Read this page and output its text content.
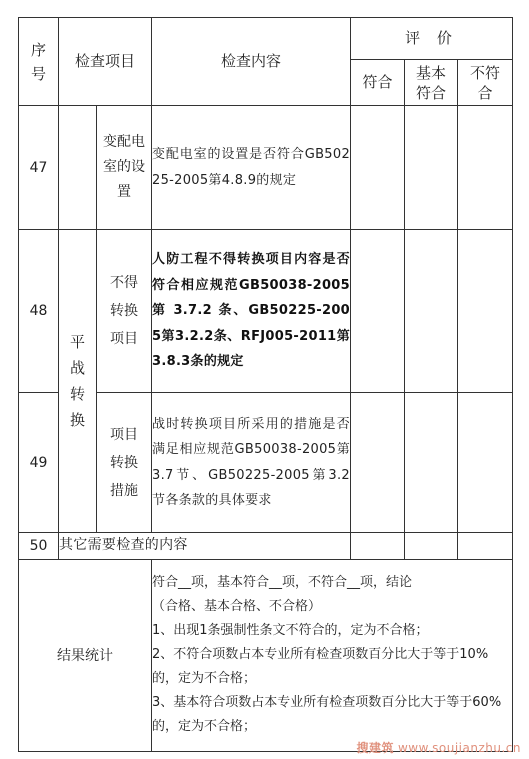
序号	检查项目		检查内容	评 价		
				符合	基本符合	不符合

47		变配电室的设置	变配电室的设置是否符合GB50225-2005第4.8.9的规定			

48	平战转换	不得转换项目	人防工程不得转换项目内容是否符合相应规范GB50038-2005 第 3.7.2 条、GB50225-2005第3.2.2条、RFJ005-2011第3.8.3条的规定			

49		项目转换措施	战时转换项目所采用的措施是否满足相应规范GB50038-2005第3.7节、GB50225-2005第3.2节各条款的具体要求			

50	其它需要检查的内容					
结果统计			符合__项，基本符合__项，不符合__项，结论
（合格、基本合格、不合格）

1、出现1条强制性条文不符合的，定为不合格；

2、不符合项数占本专业所有检查项数百分比大于等于10%的，定为不合格；

3、基本符合项数占本专业所有检查项数百分比大于等于60%的，定为不合格；			

搜建筑 www.soujianzhu.cn
